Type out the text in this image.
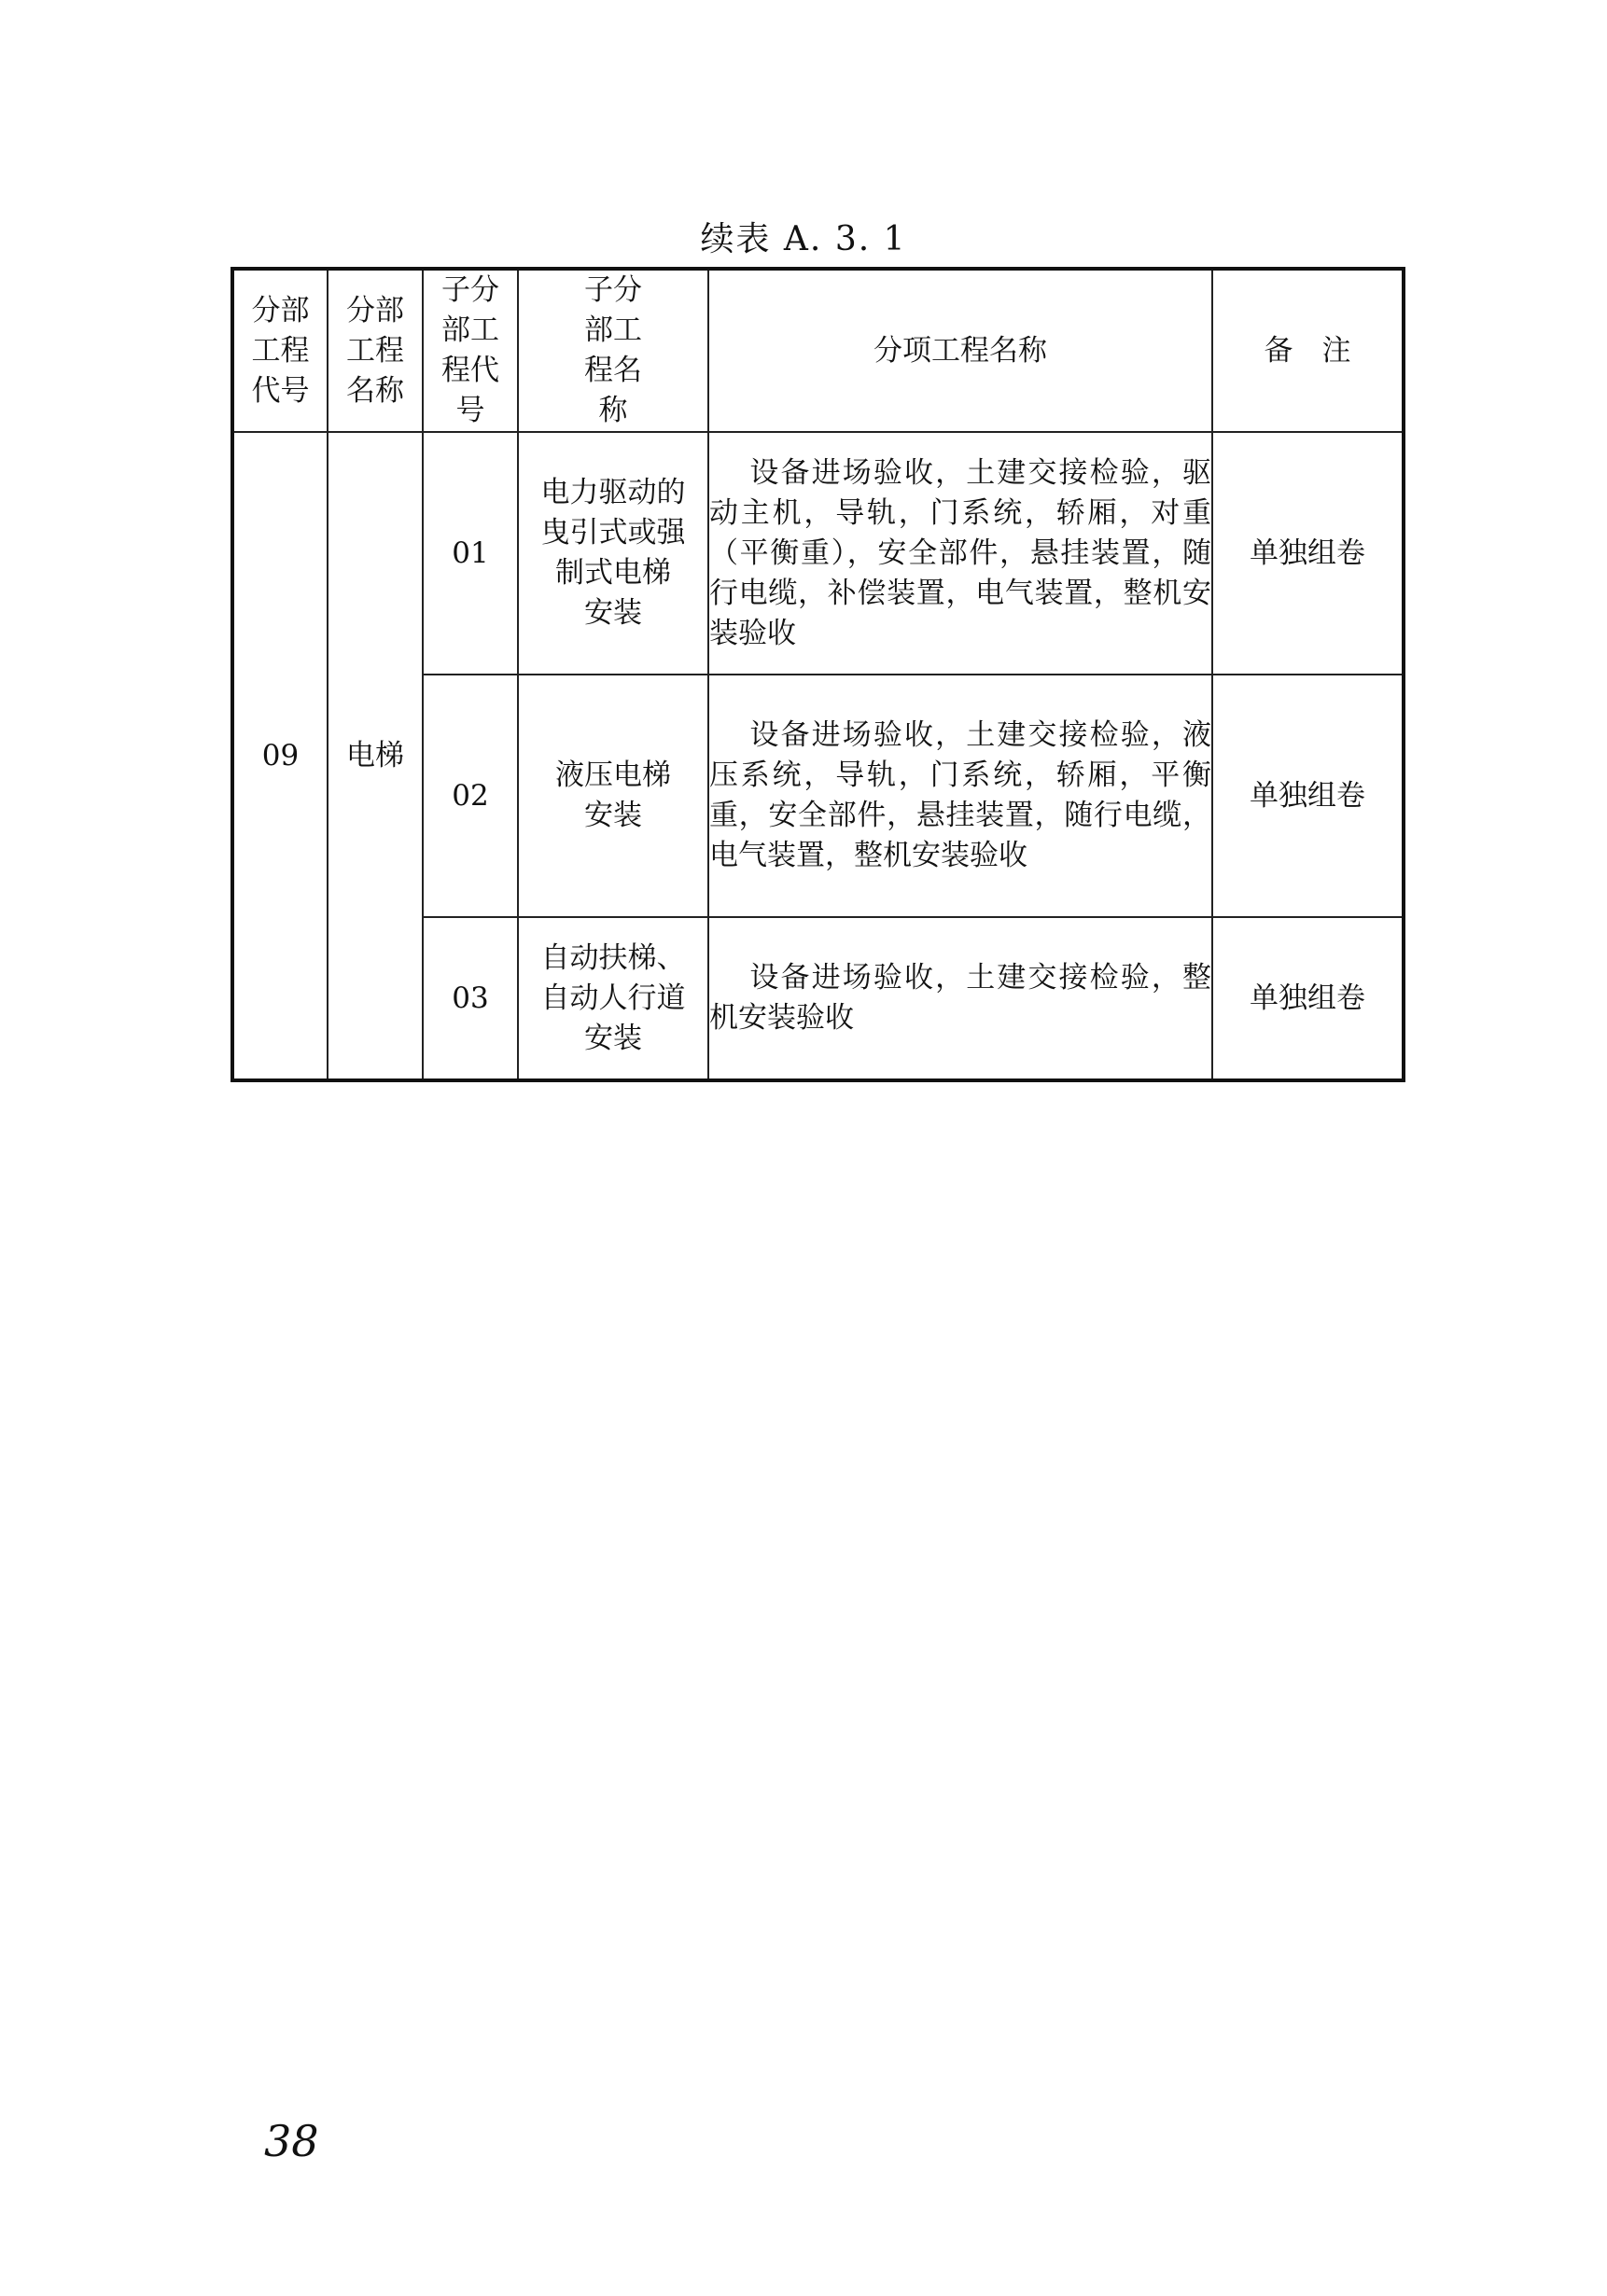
续表 A. 3. 1
分部
工程
代号	分部
工程
名称	子分
部工
程代
号	子分
部工
程名
称	分项工程名称	备　注
09	电梯	01	电力驱动的
曳引式或强
制式电梯
安装	设备进场验收，土建交接检验，驱动主机，导轨，门系统，轿厢，对重（平衡重），安全部件，悬挂装置，随行电缆，补偿装置，电气装置，整机安装验收	单独组卷
		02	液压电梯
安装	设备进场验收，土建交接检验，液压系统，导轨，门系统，轿厢，平衡重，安全部件，悬挂装置，随行电缆，电气装置，整机安装验收	单独组卷
		03	自动扶梯、
自动人行道
安装	设备进场验收，土建交接检验，整机安装验收	单独组卷
38
